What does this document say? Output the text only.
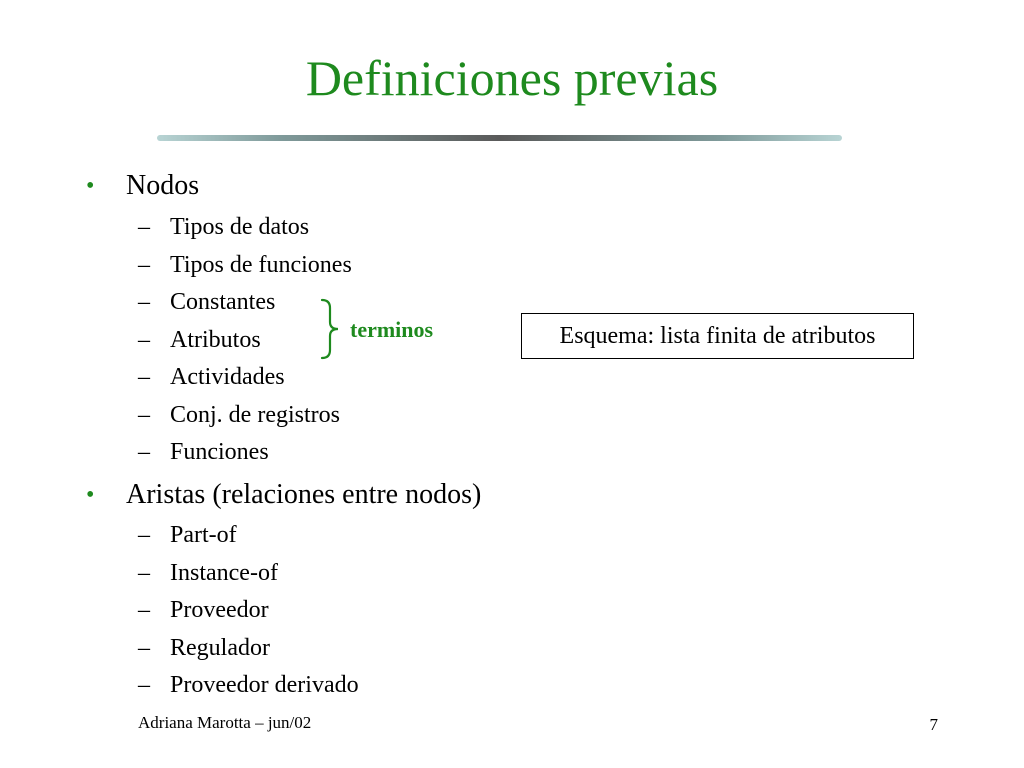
Definiciones previas
• Nodos
– Tipos de datos
– Tipos de funciones
– Constantes
– Atributos
– Actividades
– Conj. de registros
– Funciones
• Aristas (relaciones entre nodos)
– Part-of
– Instance-of
– Proveedor
– Regulador
– Proveedor derivado
terminos	Esquema: lista finita de atributos
Adriana Marotta – jun/02	7
